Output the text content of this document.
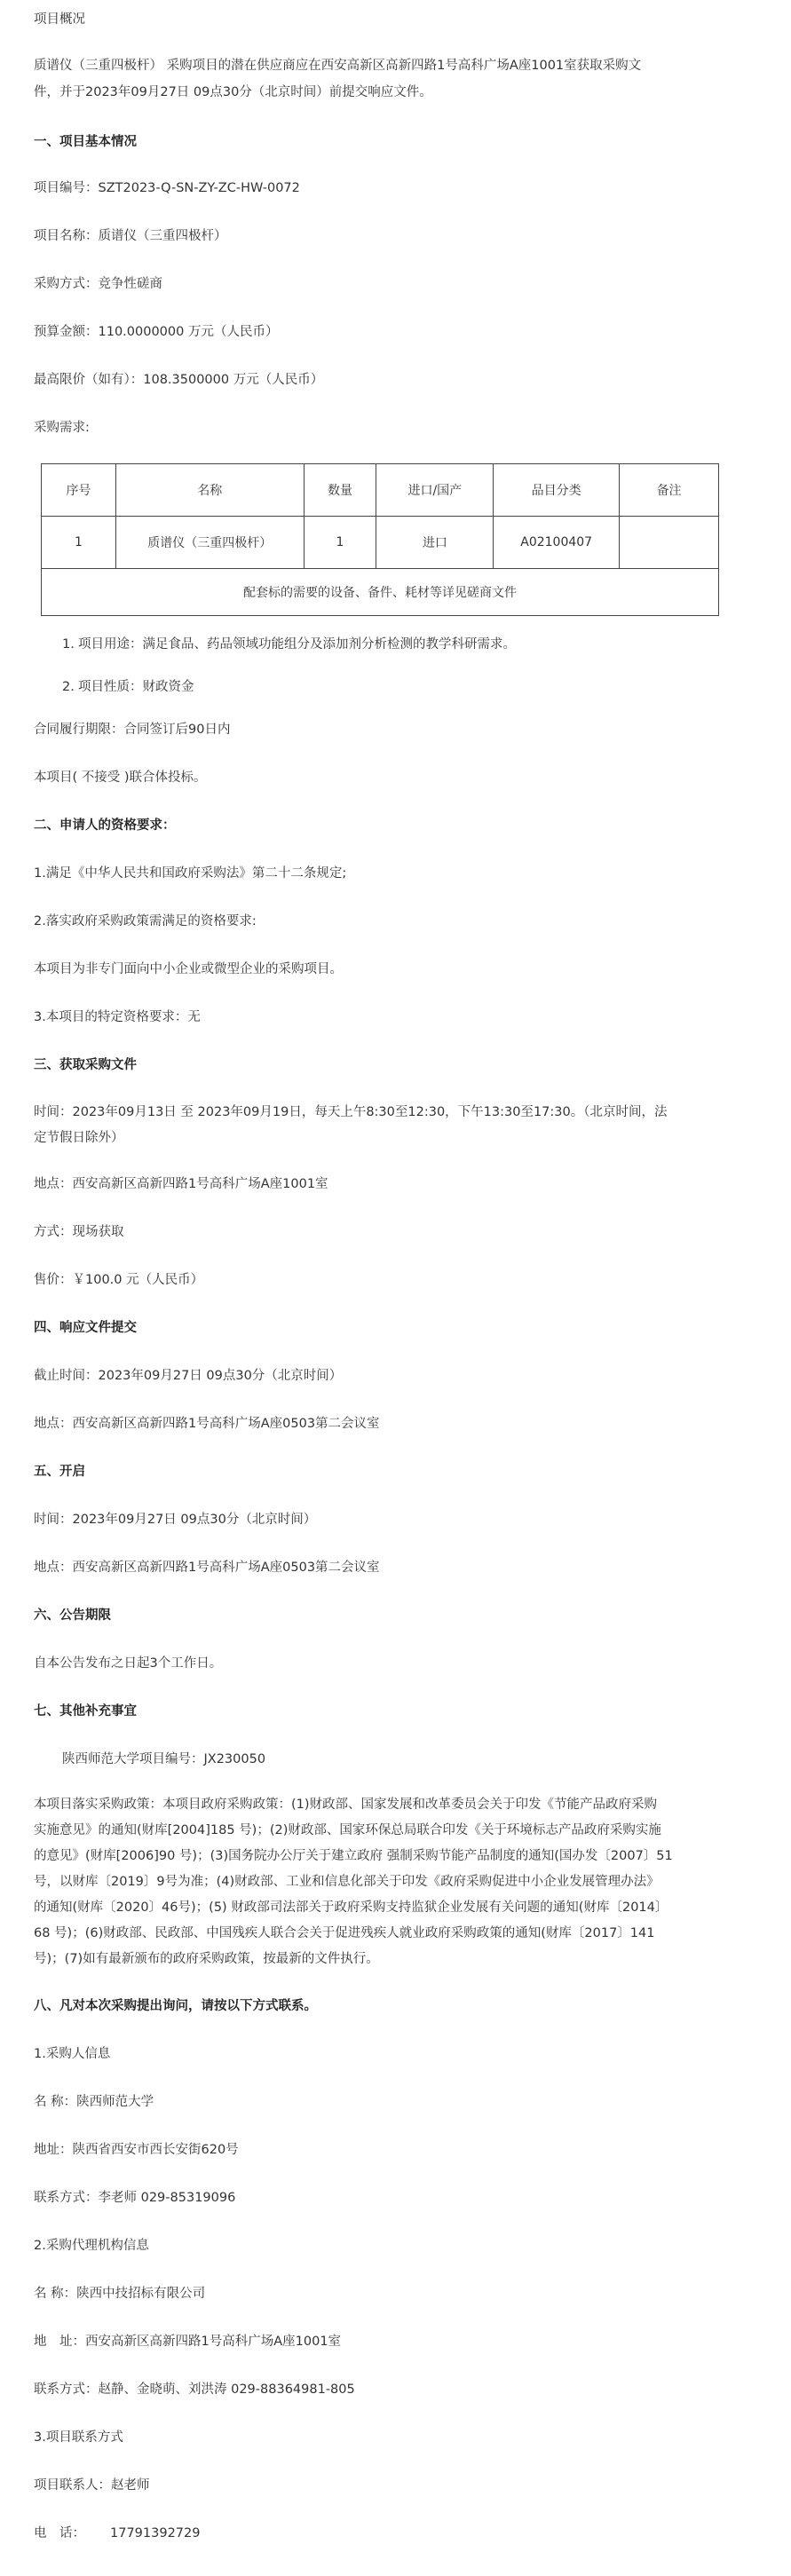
项目概况
质谱仪（三重四极杆） 采购项目的潜在供应商应在西安高新区高新四路1号高科广场A座1001室获取采购文
件，并于2023年09月27日 09点30分（北京时间）前提交响应文件。
一、项目基本情况
项目编号：SZT2023-Q-SN-ZY-ZC-HW-0072
项目名称：质谱仪（三重四极杆）
采购方式：竞争性磋商
预算金额：110.0000000 万元（人民币）
最高限价（如有）：108.3500000 万元（人民币）
采购需求:
序号	名称	数量	进口/国产	品目分类	备注
1	质谱仪（三重四极杆）	1	进口	A02100407	
配套标的需要的设备、备件、耗材等详见磋商文件					
1. 项目用途：满足食品、药品领域功能组分及添加剂分析检测的教学科研需求。
2. 项目性质：财政资金
合同履行期限：合同签订后90日内
本项目( 不接受 )联合体投标。
二、申请人的资格要求：
1.满足《中华人民共和国政府采购法》第二十二条规定;
2.落实政府采购政策需满足的资格要求:
本项目为非专门面向中小企业或微型企业的采购项目。
3.本项目的特定资格要求：无
三、获取采购文件
时间：2023年09月13日 至 2023年09月19日，每天上午8:30至12:30，下午13:30至17:30。（北京时间，法
定节假日除外）
地点：西安高新区高新四路1号高科广场A座1001室
方式：现场获取
售价：￥100.0 元（人民币）
四、响应文件提交
截止时间：2023年09月27日 09点30分（北京时间）
地点：西安高新区高新四路1号高科广场A座0503第二会议室
五、开启
时间：2023年09月27日 09点30分（北京时间）
地点：西安高新区高新四路1号高科广场A座0503第二会议室
六、公告期限
自本公告发布之日起3个工作日。
七、其他补充事宜
陕西师范大学项目编号：JX230050
本项目落实采购政策：本项目政府采购政策：(1)财政部、国家发展和改革委员会关于印发《节能产品政府采购
实施意见》的通知(财库[2004]185 号)；(2)财政部、国家环保总局联合印发《关于环境标志产品政府采购实施
的意见》(财库[2006]90 号)；(3)国务院办公厅关于建立政府 强制采购节能产品制度的通知(国办发〔2007〕51
号，以财库〔2019〕9号为准；(4)财政部、工业和信息化部关于印发《政府采购促进中小企业发展管理办法》
的通知(财库〔2020〕46号)；(5) 财政部司法部关于政府采购支持监狱企业发展有关问题的通知(财库〔2014〕
68 号)；(6)财政部、民政部、中国残疾人联合会关于促进残疾人就业政府采购政策的通知(财库〔2017〕141
号)；(7)如有最新颁布的政府采购政策，按最新的文件执行。
八、凡对本次采购提出询问，请按以下方式联系。
1.采购人信息
名 称：陕西师范大学
地址：陕西省西安市西长安街620号
联系方式：李老师 029-85319096
2.采购代理机构信息
名 称：陕西中技招标有限公司
地　址：西安高新区高新四路1号高科广场A座1001室
联系方式：赵静、金晓萌、刘洪涛 029-88364981-805
3.项目联系方式
项目联系人：赵老师
电　话： 17791392729
